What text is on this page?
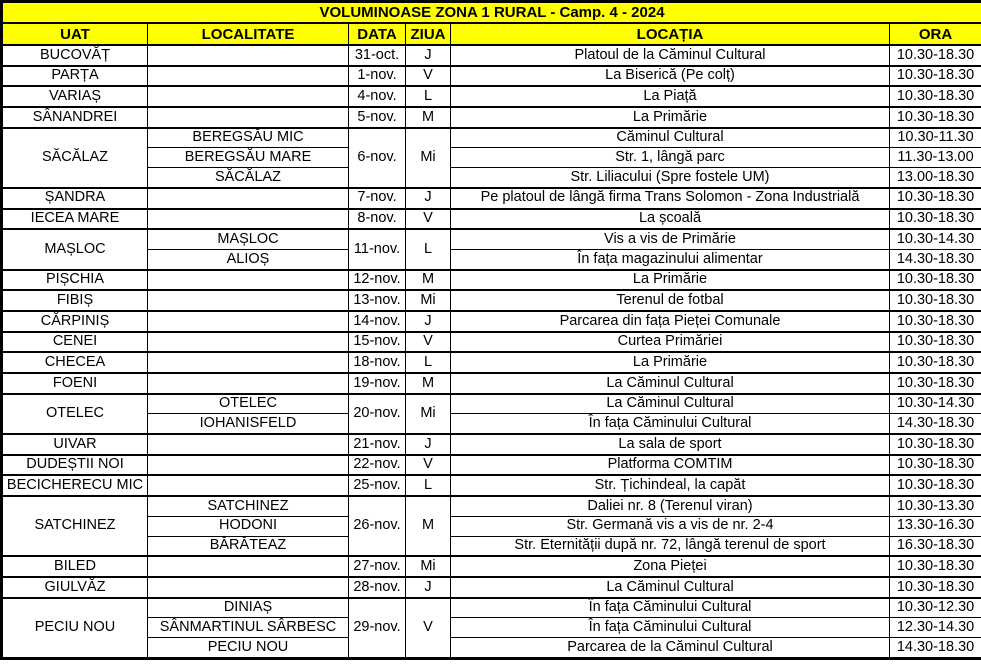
VOLUMINOASE ZONA 1 RURAL - Camp. 4 - 2024					
UAT	LOCALITATE	DATA	ZIUA	LOCAȚIA	ORA
BUCOVĂȚ		31-oct.	J	Platoul de la Căminul Cultural	10.30-18.30
PARȚA		1-nov.	V	La Biserică (Pe colț)	10.30-18.30
VARIAȘ		4-nov.	L	La Piață	10.30-18.30
SÂNANDREI		5-nov.	M	La Primărie	10.30-18.30
SĂCĂLAZ	BEREGSĂU MIC	6-nov.	Mi	Căminul Cultural	10.30-11.30
	BEREGSĂU MARE			Str. 1, lângă parc	11.30-13.00
	SĂCĂLAZ			Str. Liliacului (Spre fostele UM)	13.00-18.30
ȘANDRA		7-nov.	J	Pe platoul de lângă firma Trans Solomon - Zona Industrială	10.30-18.30
IECEA MARE		8-nov.	V	La școală	10.30-18.30
MAȘLOC	MAȘLOC	11-nov.	L	Vis a vis de Primărie	10.30-14.30
	ALIOȘ			În fața magazinului alimentar	14.30-18.30
PIȘCHIA		12-nov.	M	La Primărie	10.30-18.30
FIBIȘ		13-nov.	Mi	Terenul de fotbal	10.30-18.30
CĂRPINIȘ		14-nov.	J	Parcarea din fața Pieței Comunale	10.30-18.30
CENEI		15-nov.	V	Curtea Primăriei	10.30-18.30
CHECEA		18-nov.	L	La Primărie	10.30-18.30
FOENI		19-nov.	M	La Căminul Cultural	10.30-18.30
OTELEC	OTELEC	20-nov.	Mi	La Căminul Cultural	10.30-14.30
	IOHANISFELD			În fața Căminului Cultural	14.30-18.30
UIVAR		21-nov.	J	La sala de sport	10.30-18.30
DUDEȘTII NOI		22-nov.	V	Platforma COMTIM	10.30-18.30
BECICHERECU MIC		25-nov.	L	Str. Țichindeal, la capăt	10.30-18.30
SATCHINEZ	SATCHINEZ	26-nov.	M	Daliei nr. 8 (Terenul viran)	10.30-13.30
	HODONI			Str. Germană vis a vis de nr. 2-4	13.30-16.30
	BĂRĂTEAZ			Str. Eternității după nr. 72, lângă terenul de sport	16.30-18.30
BILED		27-nov.	Mi	Zona Pieței	10.30-18.30
GIULVĂZ		28-nov.	J	La Căminul Cultural	10.30-18.30
PECIU NOU	DINIAȘ	29-nov.	V	În fața Căminului Cultural	10.30-12.30
	SÂNMARTINUL SÂRBESC			În fața Căminului Cultural	12.30-14.30
	PECIU NOU			Parcarea de la Căminul Cultural	14.30-18.30
